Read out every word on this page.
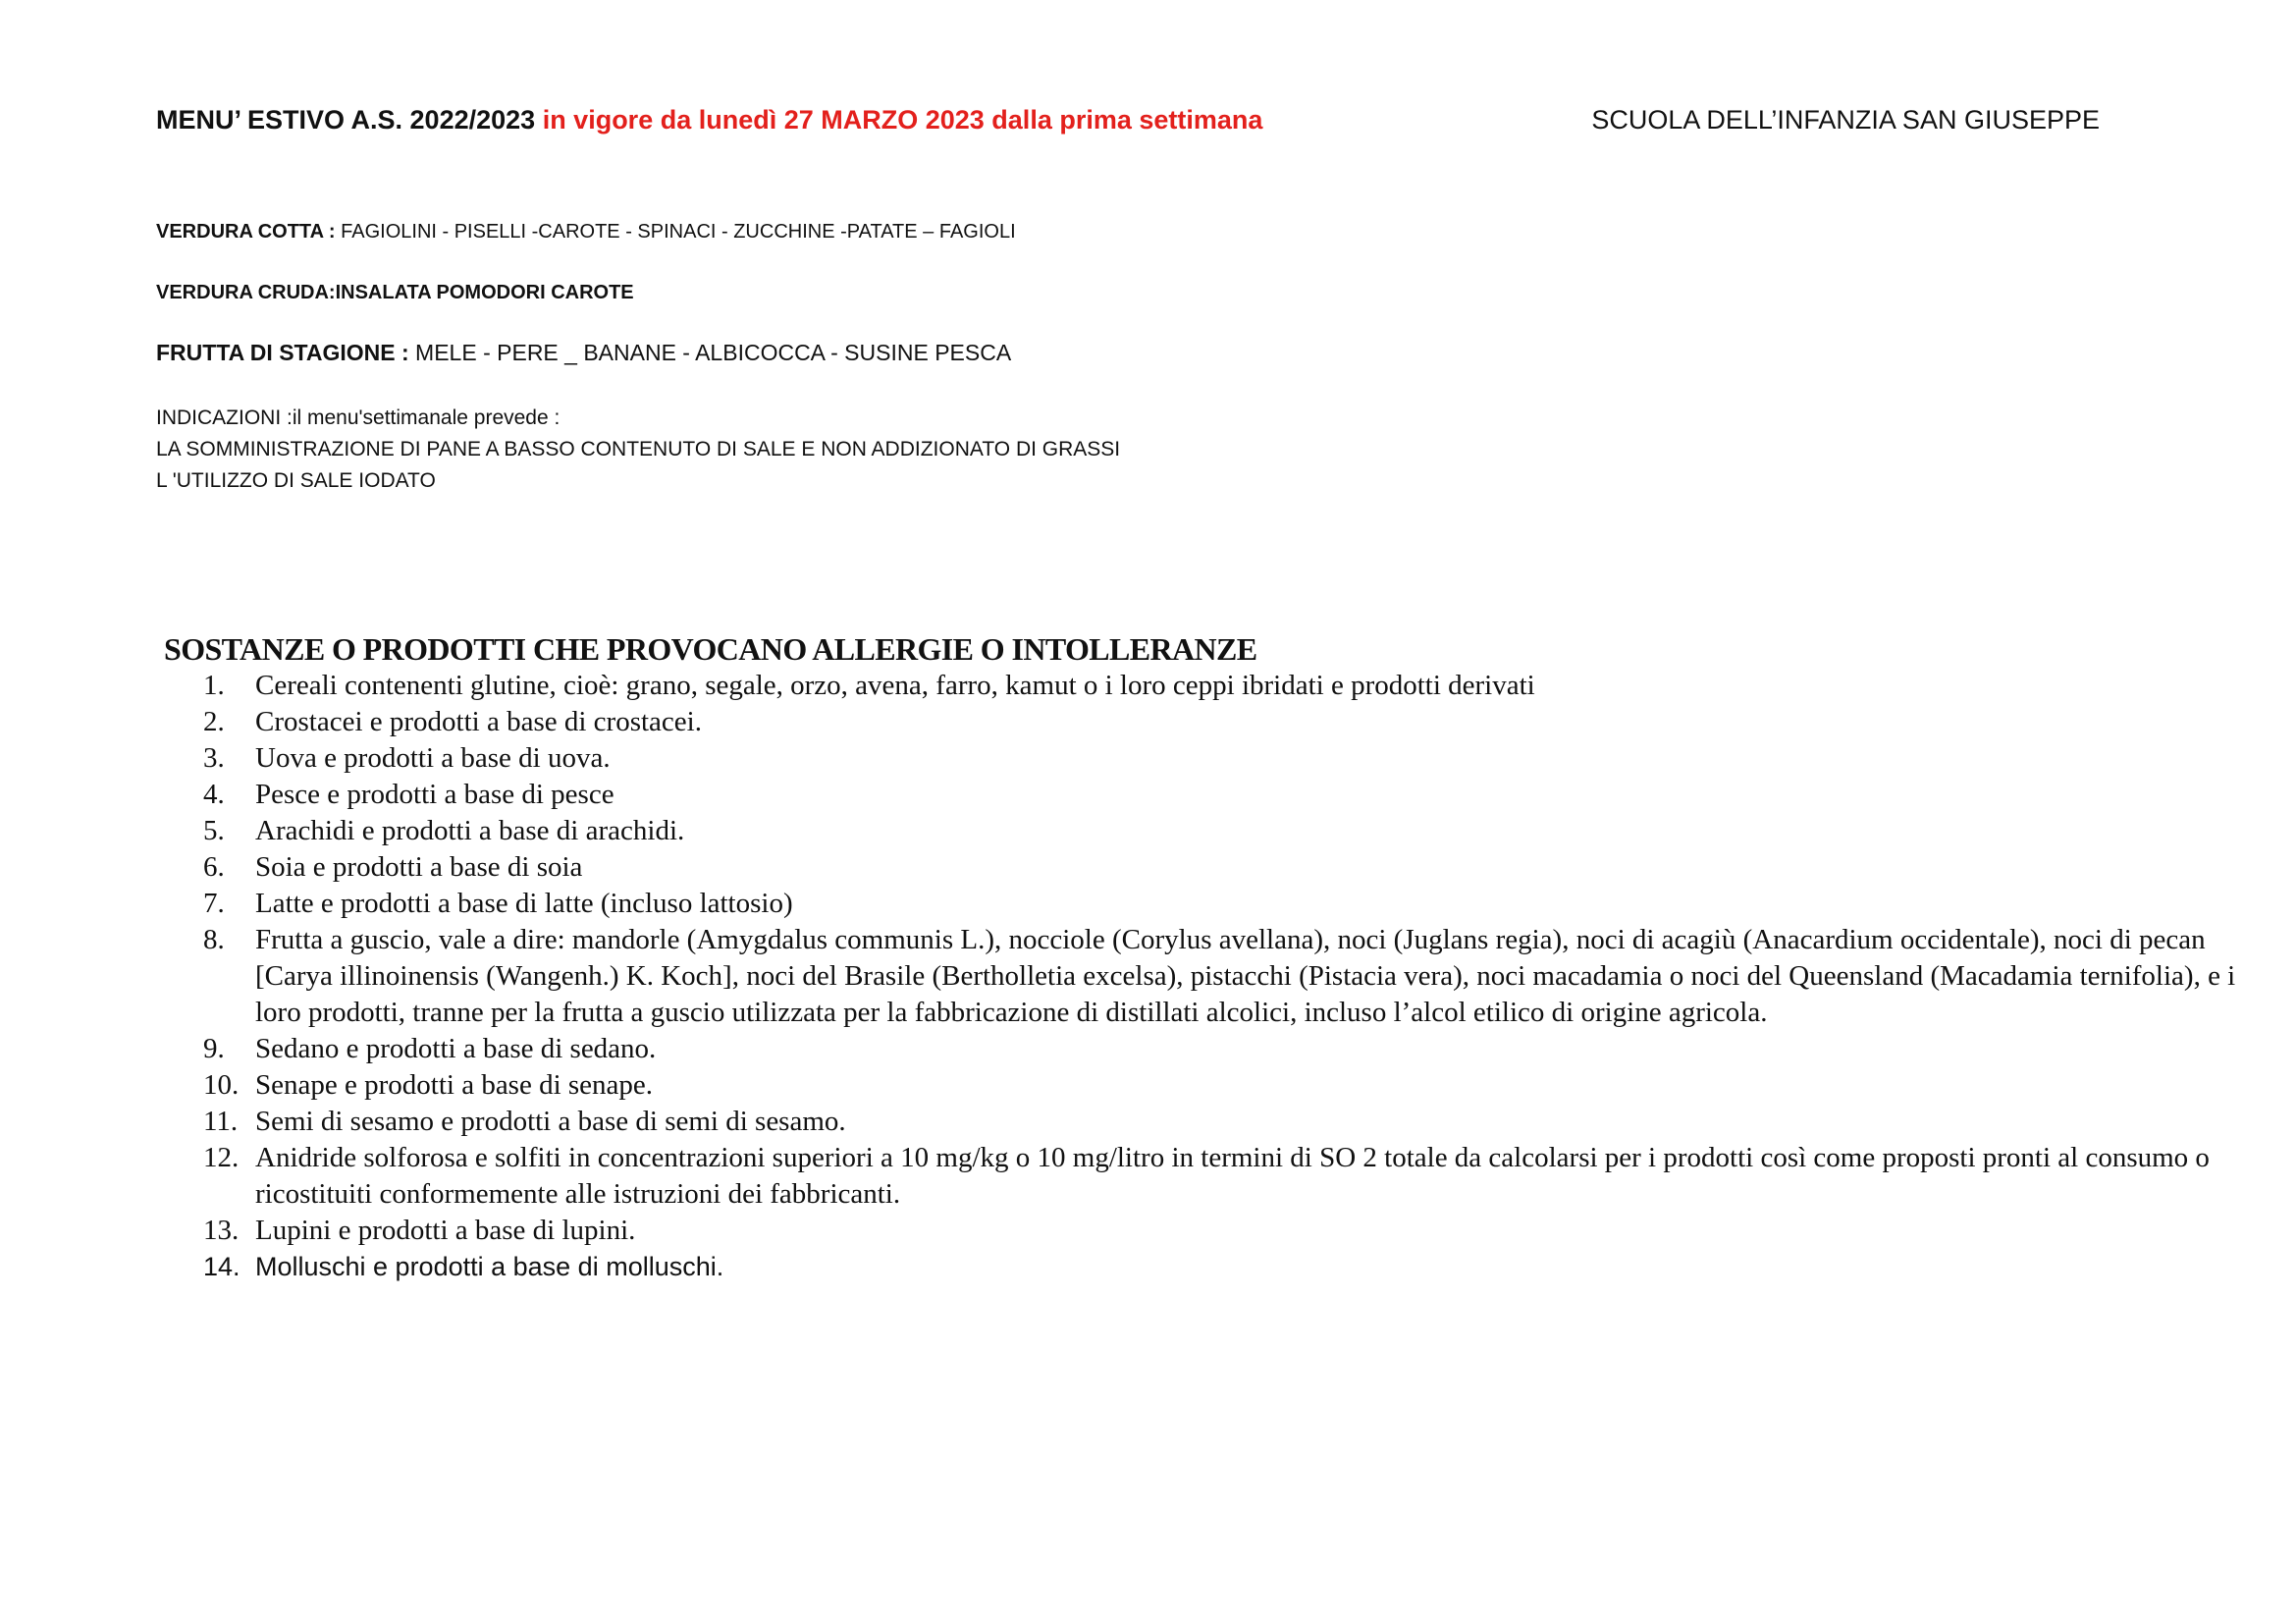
MENU’ ESTIVO A.S. 2022/2023 in vigore da lunedì 27 MARZO 2023 dalla prima settimana	SCUOLA DELL’INFANZIA SAN GIUSEPPE
VERDURA COTTA : FAGIOLINI - PISELLI -CAROTE - SPINACI - ZUCCHINE -PATATE – FAGIOLI
VERDURA CRUDA:INSALATA POMODORI CAROTE
FRUTTA DI STAGIONE : MELE - PERE _ BANANE - ALBICOCCA - SUSINE PESCA
INDICAZIONI :il menu'settimanale prevede :
LA SOMMINISTRAZIONE DI PANE A BASSO CONTENUTO DI SALE E NON ADDIZIONATO DI GRASSI
L 'UTILIZZO DI SALE IODATO
SOSTANZE O PRODOTTI CHE PROVOCANO ALLERGIE O INTOLLERANZE
1. Cereali contenenti glutine, cioè: grano, segale, orzo, avena, farro, kamut o i loro ceppi ibridati e prodotti derivati
2. Crostacei e prodotti a base di crostacei.
3. Uova e prodotti a base di uova.
4. Pesce e prodotti a base di pesce
5. Arachidi e prodotti a base di arachidi.
6. Soia e prodotti a base di soia
7. Latte e prodotti a base di latte (incluso lattosio)
8. Frutta a guscio, vale a dire: mandorle (Amygdalus communis L.), nocciole (Corylus avellana), noci (Juglans regia), noci di acagiù (Anacardium occidentale), noci di pecan [Carya illinoinensis (Wangenh.) K. Koch], noci del Brasile (Bertholletia excelsa), pistacchi (Pistacia vera), noci macadamia o noci del Queensland (Macadamia ternifolia), e i loro prodotti, tranne per la frutta a guscio utilizzata per la fabbricazione di distillati alcolici, incluso l’alcol etilico di origine agricola.
9. Sedano e prodotti a base di sedano.
10. Senape e prodotti a base di senape.
11. Semi di sesamo e prodotti a base di semi di sesamo.
12. Anidride solforosa e solfiti in concentrazioni superiori a 10 mg/kg o 10 mg/litro in termini di SO 2 totale da calcolarsi per i prodotti così come proposti pronti al consumo o ricostituiti conformemente alle istruzioni dei fabbricanti.
13. Lupini e prodotti a base di lupini.
14. Molluschi e prodotti a base di molluschi.
